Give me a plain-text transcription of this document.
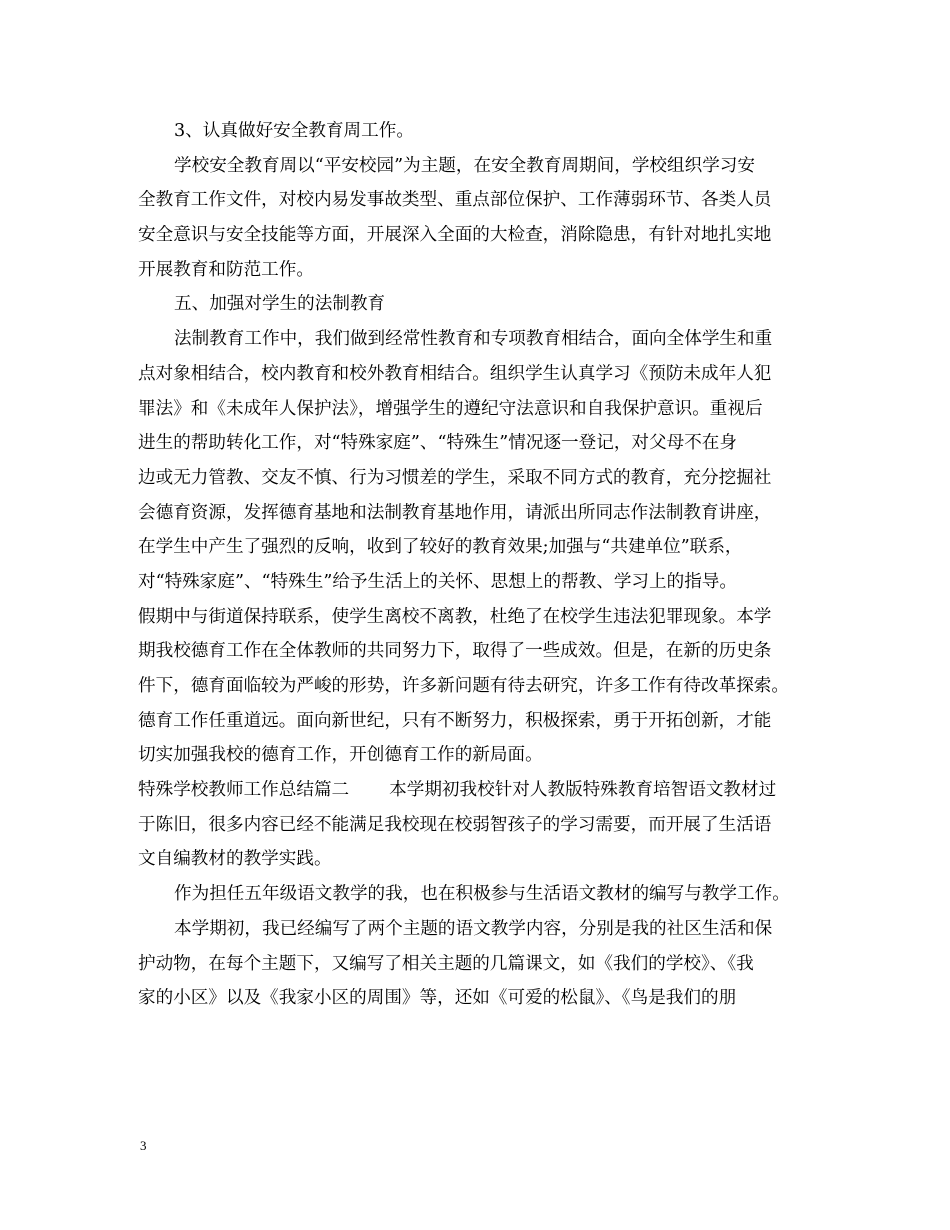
3、认真做好安全教育周工作。
学校安全教育周以“平安校园”为主题，在安全教育周期间，学校组织学习安
全教育工作文件，对校内易发事故类型、重点部位保护、工作薄弱环节、各类人员
安全意识与安全技能等方面，开展深入全面的大检查，消除隐患，有针对地扎实地
开展教育和防范工作。
五、加强对学生的法制教育
法制教育工作中，我们做到经常性教育和专项教育相结合，面向全体学生和重
点对象相结合，校内教育和校外教育相结合。组织学生认真学习《预防未成年人犯
罪法》和《未成年人保护法》，增强学生的遵纪守法意识和自我保护意识。重视后
进生的帮助转化工作，对“特殊家庭”、“特殊生”情况逐一登记，对父母不在身
边或无力管教、交友不慎、行为习惯差的学生，采取不同方式的教育，充分挖掘社
会德育资源，发挥德育基地和法制教育基地作用，请派出所同志作法制教育讲座，
在学生中产生了强烈的反响，收到了较好的教育效果;加强与“共建单位”联系，
对“特殊家庭”、“特殊生”给予生活上的关怀、思想上的帮教、学习上的指导。
假期中与街道保持联系，使学生离校不离教，杜绝了在校学生违法犯罪现象。本学
期我校德育工作在全体教师的共同努力下，取得了一些成效。但是，在新的历史条
件下，德育面临较为严峻的形势，许多新问题有待去研究，许多工作有待改革探索。
德育工作任重道远。面向新世纪，只有不断努力，积极探索，勇于开拓创新，才能
切实加强我校的德育工作，开创德育工作的新局面。
特殊学校教师工作总结篇二 本学期初我校针对人教版特殊教育培智语文教材过
于陈旧，很多内容已经不能满足我校现在校弱智孩子的学习需要，而开展了生活语
文自编教材的教学实践。
作为担任五年级语文教学的我，也在积极参与生活语文教材的编写与教学工作。
本学期初，我已经编写了两个主题的语文教学内容，分别是我的社区生活和保
护动物，在每个主题下，又编写了相关主题的几篇课文，如《我们的学校》、《我
家的小区》以及《我家小区的周围》等，还如《可爱的松鼠》、《鸟是我们的朋
3
